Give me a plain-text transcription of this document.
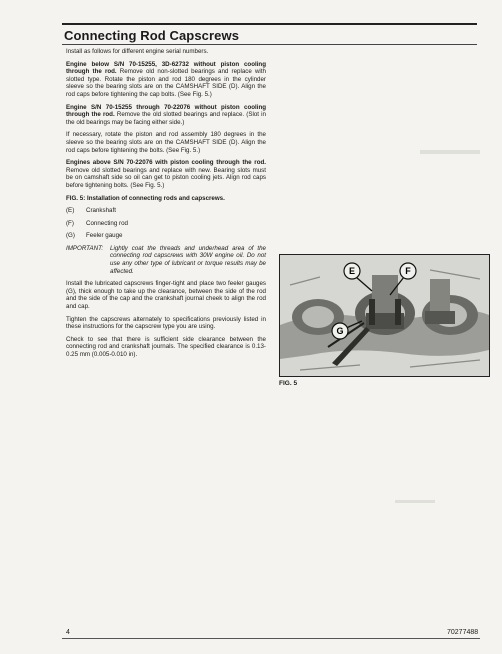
Connecting Rod Capscrews

Install as follows for different engine serial numbers.

Engine below S/N 70-15255, 3D-62732 without piston cooling through the rod. Remove old non-slotted bearings and replace with slotted type. Rotate the piston and rod 180 degrees in the cylinder sleeve so the bearing slots are on the CAMSHAFT SIDE (D). Align the rod caps before tightening the cap bolts. (See Fig. 5.)

Engine S/N 70-15255 through 70-22076 without piston cooling through the rod. Remove the old slotted bearings and replace. (Slot in the old bearings may be facing either side.)

If necessary, rotate the piston and rod assembly 180 degrees in the sleeve so the bearing slots are on the CAMSHAFT SIDE (D). Align the rod caps before tightening the bolts. (See Fig. 5.)

Engines above S/N 70-22076 with piston cooling through the rod. Remove old slotted bearings and replace with new. Bearing slots must be on camshaft side so oil can get to piston cooling jets. Align rod caps before tightening bolts. (See Fig. 5.)

FIG. 5: Installation of connecting rods and capscrews.

(E)	Crankshaft
(F)	Connecting rod
(G)	Feeler gauge
IMPORTANT:	Lightly coat the threads and underhead area of the connecting rod capscrews with 30W engine oil. Do not use any other type of lubricant or torque results may be affected.

Install the lubricated capscrews finger-tight and place two feeler gauges (G), thick enough to take up the clearance, between the side of the rod and the side of the cap and the crankshaft journal cheek to align the rod and cap.

Tighten the capscrews alternately to specifications previously listed in these instructions for the capscrew type you are using.

Check to see that there is sufficient side clearance between the connecting rod and crankshaft journals. The specified clearance is 0.13-0.25 mm (0.005-0.010 in).

E	F
G
FIG. 5
4	70277488
